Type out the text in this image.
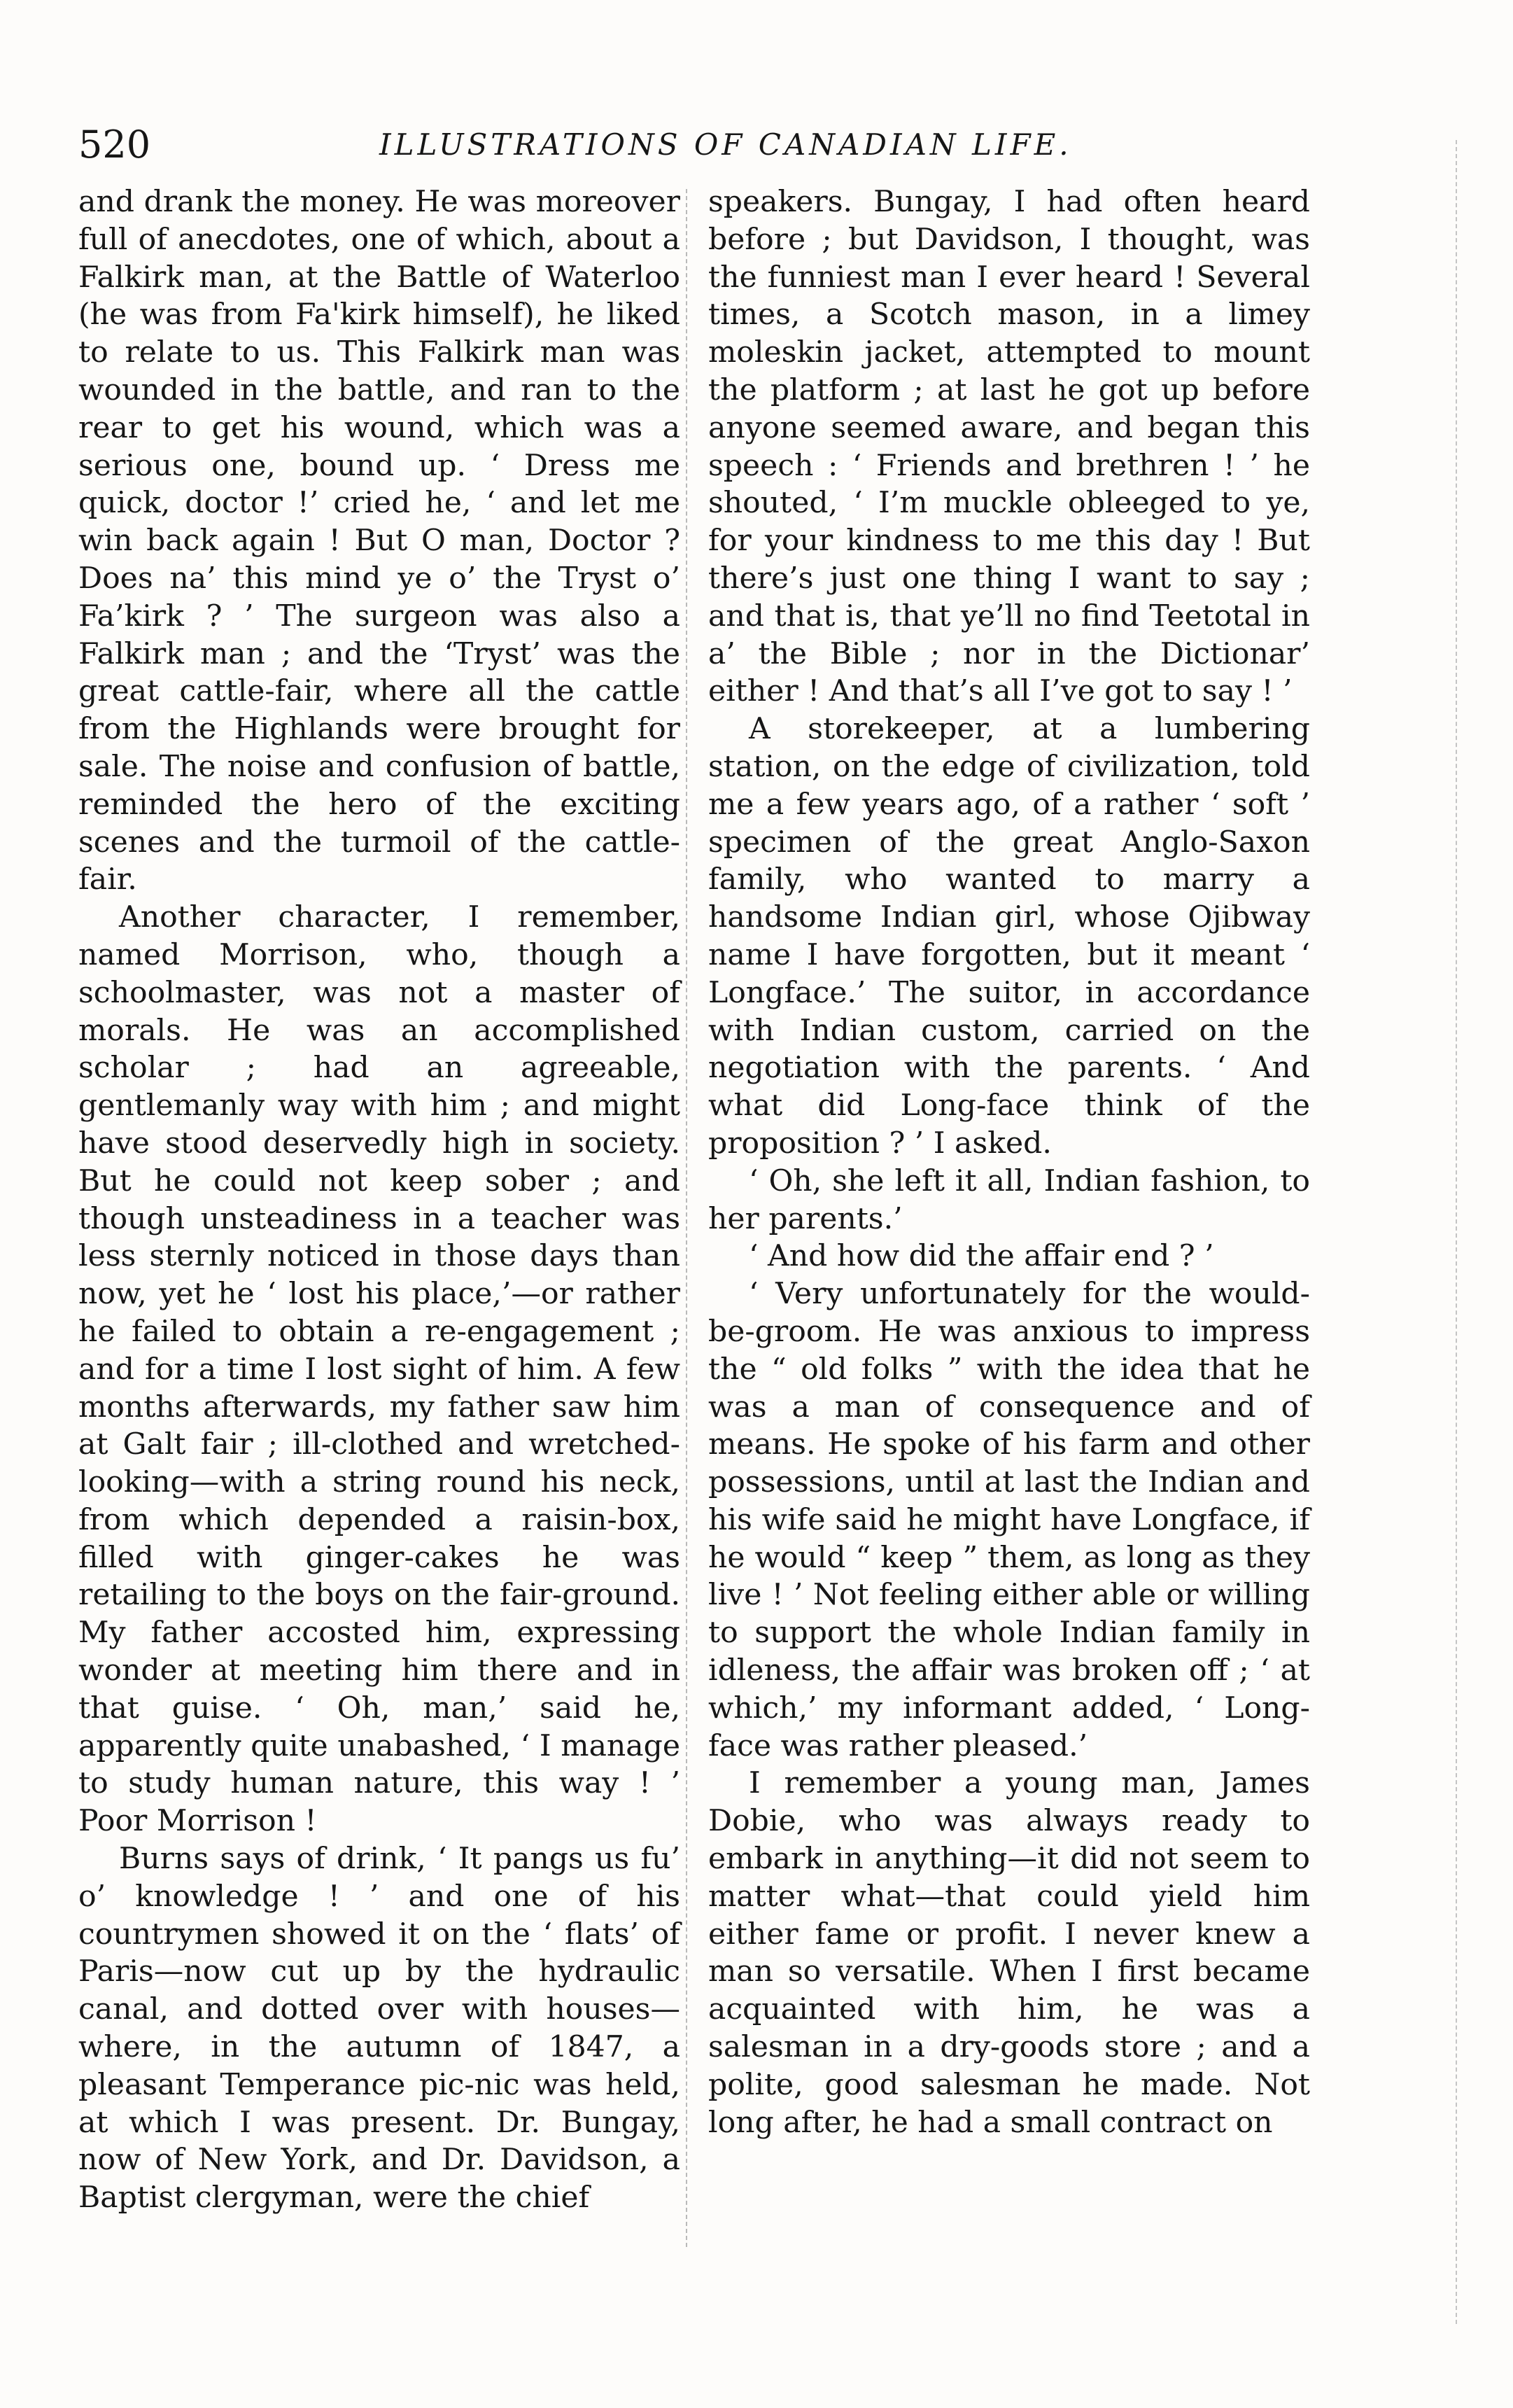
520	ILLUSTRATIONS OF CANADIAN LIFE.

and drank the money. He was moreover full of anecdotes, one of which, about a Falkirk man, at the Battle of Waterloo (he was from Fa'kirk himself), he liked to relate to us. This Falkirk man was wounded in the battle, and ran to the rear to get his wound, which was a serious one, bound up. ‘ Dress me quick, doctor !’ cried he, ‘ and let me win back again ! But O man, Doctor ? Does na’ this mind ye o’ the Tryst o’ Fa’kirk ? ’ The surgeon was also a Falkirk man ; and the ‘Tryst’ was the great cattle-fair, where all the cattle from the Highlands were brought for sale. The noise and confusion of battle, reminded the hero of the exciting scenes and the turmoil of the cattle-fair.

Another character, I remember, named Morrison, who, though a schoolmaster, was not a master of morals. He was an accomplished scholar ; had an agreeable, gentlemanly way with him ; and might have stood deservedly high in society. But he could not keep sober ; and though unsteadiness in a teacher was less sternly noticed in those days than now, yet he ‘ lost his place,’—or rather he failed to obtain a re-engagement ; and for a time I lost sight of him. A few months afterwards, my father saw him at Galt fair ; ill-clothed and wretched-looking—with a string round his neck, from which depended a raisin-box, filled with ginger-cakes he was retailing to the boys on the fair-ground. My father accosted him, expressing wonder at meeting him there and in that guise. ‘ Oh, man,’ said he, apparently quite unabashed, ‘ I manage to study human nature, this way ! ’ Poor Morrison !

Burns says of drink, ‘ It pangs us fu’ o’ knowledge ! ’ and one of his countrymen showed it on the ‘ flats’ of Paris—now cut up by the hydraulic canal, and dotted over with houses—where, in the autumn of 1847, a pleasant Temperance pic-nic was held, at which I was present. Dr. Bungay, now of New York, and Dr. Davidson, a Baptist clergyman, were the chief

speakers. Bungay, I had often heard before ; but Davidson, I thought, was the funniest man I ever heard ! Several times, a Scotch mason, in a limey moleskin jacket, attempted to mount the platform ; at last he got up before anyone seemed aware, and began this speech : ‘ Friends and brethren ! ’ he shouted, ‘ I’m muckle obleeged to ye, for your kindness to me this day ! But there’s just one thing I want to say ; and that is, that ye’ll no find Teetotal in a’ the Bible ; nor in the Dictionar’ either ! And that’s all I’ve got to say ! ’

A storekeeper, at a lumbering station, on the edge of civilization, told me a few years ago, of a rather ‘ soft ’ specimen of the great Anglo-Saxon family, who wanted to marry a handsome Indian girl, whose Ojibway name I have forgotten, but it meant ‘ Longface.’ The suitor, in accordance with Indian custom, carried on the negotiation with the parents. ‘ And what did Long-face think of the proposition ? ’ I asked.

‘ Oh, she left it all, Indian fashion, to her parents.’

‘ And how did the affair end ? ’

‘ Very unfortunately for the would-be-groom. He was anxious to impress the “ old folks ” with the idea that he was a man of consequence and of means. He spoke of his farm and other possessions, until at last the Indian and his wife said he might have Longface, if he would “ keep ” them, as long as they live ! ’ Not feeling either able or willing to support the whole Indian family in idleness, the affair was broken off ; ‘ at which,’ my informant added, ‘ Long-face was rather pleased.’

I remember a young man, James Dobie, who was always ready to embark in anything—it did not seem to matter what—that could yield him either fame or profit. I never knew a man so versatile. When I first became acquainted with him, he was a salesman in a dry-goods store ; and a polite, good salesman he made. Not long after, he had a small contract on
